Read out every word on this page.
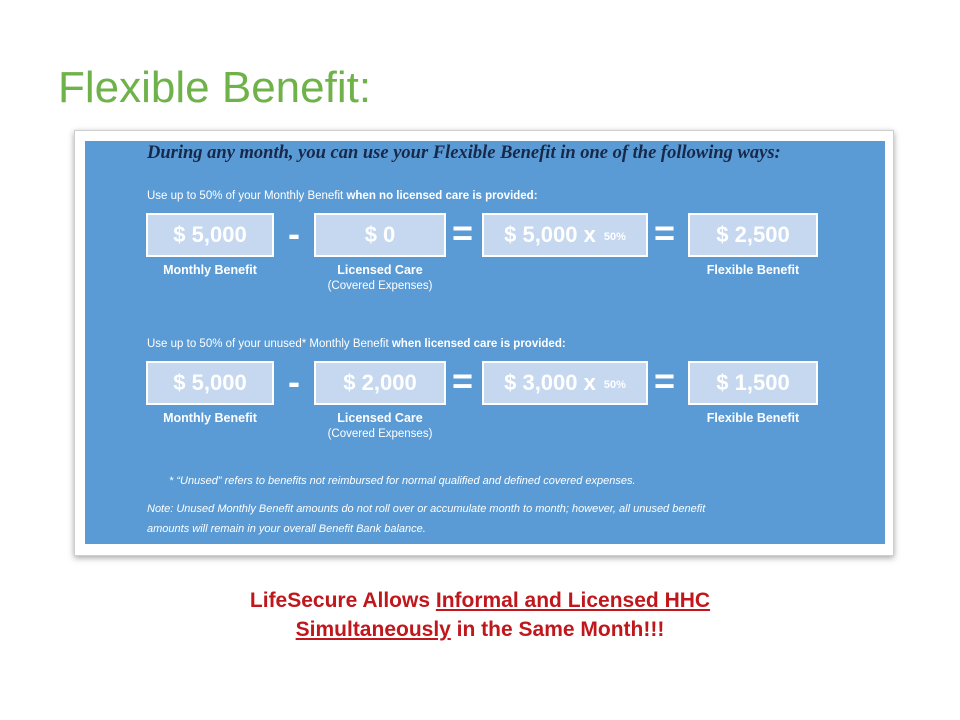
Flexible Benefit:
During any month, you can use your Flexible Benefit in one of the following ways:
Use up to 50% of your Monthly Benefit when no licensed care is provided:
$ 5,000	-	$ 0	= $ 5,000 x 50% =	$ 2,500
Monthly Benefit	Licensed Care
(Covered Expenses)
Flexible Benefit
Use up to 50% of your unused* Monthly Benefit when licensed care is provided:
$ 5,000	-	$ 2,000 = $ 3,000 x 50% =	$ 1,500
Monthly Benefit	Licensed Care
(Covered Expenses)
Flexible Benefit
* “Unused” refers to benefits not reimbursed for normal qualified and defined covered expenses.
Note: Unused Monthly Benefit amounts do not roll over or accumulate month to month; however, all unused benefit
amounts will remain in your overall Benefit Bank balance.
LifeSecure Allows Informal and Licensed HHC
Simultaneously in the Same Month!!!
